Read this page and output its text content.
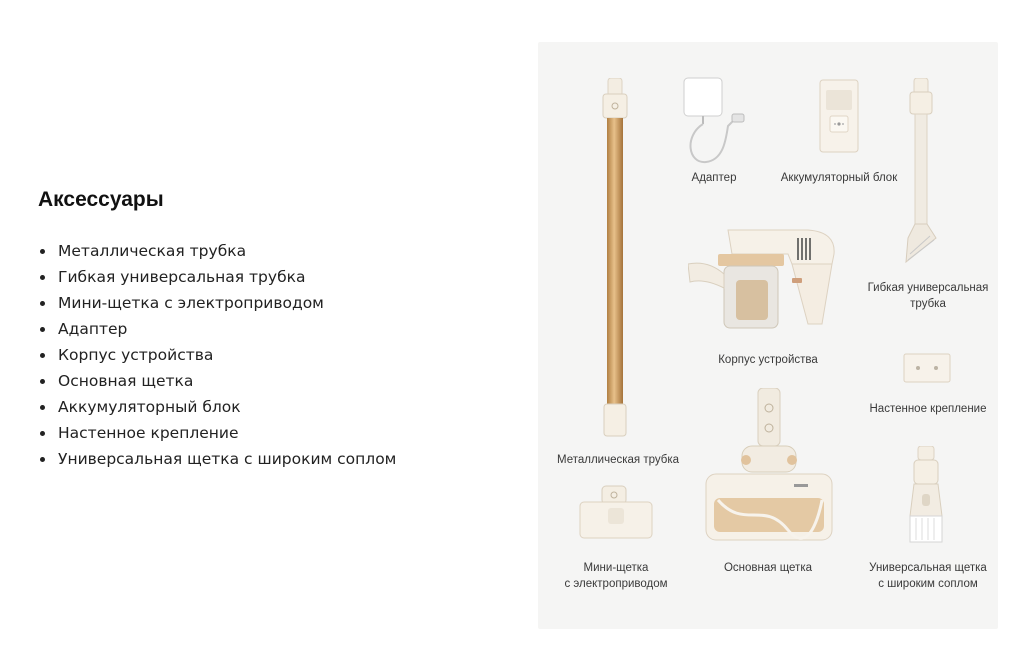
Аксессуары
Металлическая трубка
Гибкая универсальная трубка
Мини-щетка с электроприводом
Адаптер
Корпус устройства
Основная щетка
Аккумуляторный блок
Настенное крепление
Универсальная щетка с широким соплом
Адаптер	Аккумуляторный блок
Гибкая универсальная
трубка
Корпус устройства
Настенное крепление
Металлическая трубка
Основная щетка
Мини-щетка
с электроприводом
Универсальная щетка
с широким соплом
